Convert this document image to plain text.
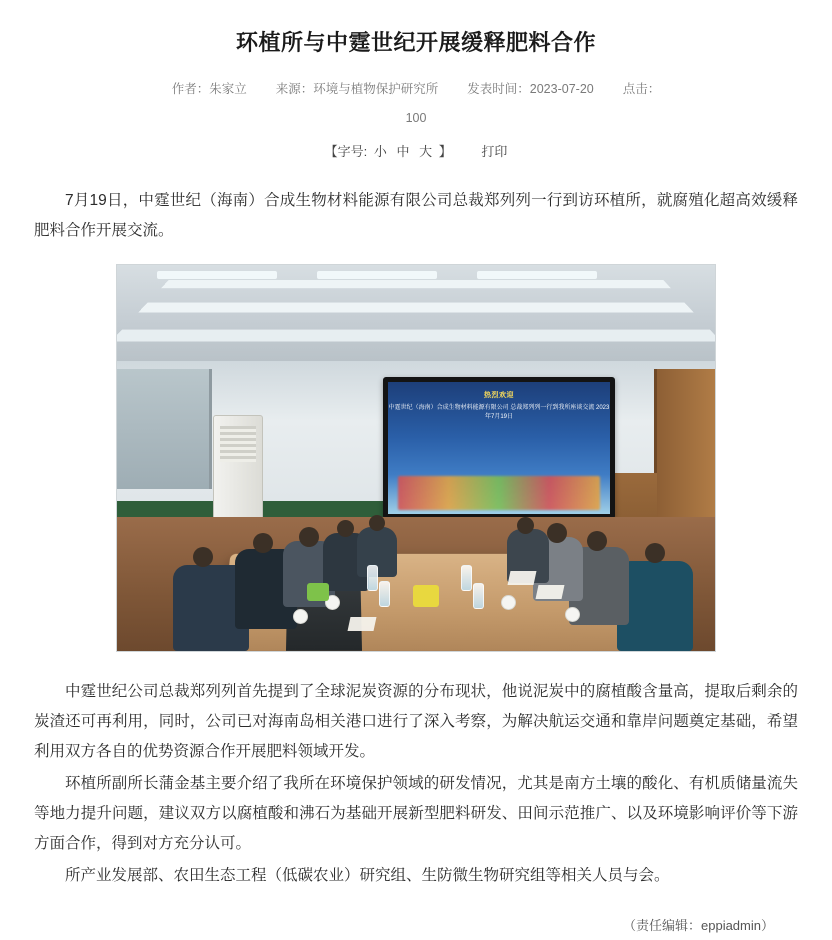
环植所与中霆世纪开展缓释肥料合作
作者：朱家立 来源：环境与植物保护研究所 发表时间：2023-07-20 点击：
100
【字号: 小 中 大 】 打印

7月19日，中霆世纪（海南）合成生物材料能源有限公司总裁郑列列一行到访环植所，就腐殖化超高效缓释肥料合作开展交流。

热烈欢迎
中霆世纪（海南）合成生物材料能源有限公司 总裁郑列列一行到我所座谈交流 2023年7月19日

中霆世纪公司总裁郑列列首先提到了全球泥炭资源的分布现状，他说泥炭中的腐植酸含量高，提取后剩余的炭渣还可再利用，同时，公司已对海南岛相关港口进行了深入考察，为解决航运交通和靠岸问题奠定基础，希望利用双方各自的优势资源合作开展肥料领域开发。

环植所副所长蒲金基主要介绍了我所在环境保护领域的研发情况，尤其是南方土壤的酸化、有机质储量流失等地力提升问题，建议双方以腐植酸和沸石为基础开展新型肥料研发、田间示范推广、以及环境影响评价等下游方面合作，得到对方充分认可。

所产业发展部、农田生态工程（低碳农业）研究组、生防微生物研究组等相关人员与会。

（责任编辑：eppiadmin）
